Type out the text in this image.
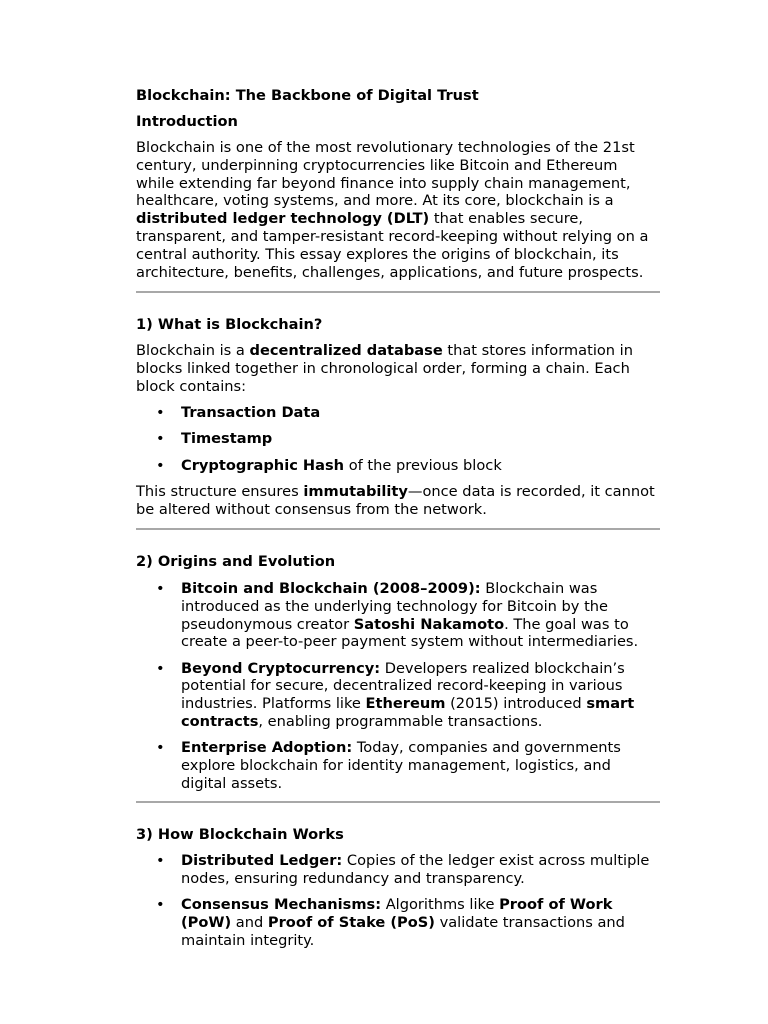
Blockchain: The Backbone of Digital Trust

Introduction

Blockchain is one of the most revolutionary technologies of the 21st century, underpinning cryptocurrencies like Bitcoin and Ethereum while extending far beyond finance into supply chain management, healthcare, voting systems, and more. At its core, blockchain is a distributed ledger technology (DLT) that enables secure, transparent, and tamper-resistant record-keeping without relying on a central authority. This essay explores the origins of blockchain, its architecture, benefits, challenges, applications, and future prospects.

1) What is Blockchain?

Blockchain is a decentralized database that stores information in blocks linked together in chronological order, forming a chain. Each block contains:

• Transaction Data
• Timestamp
• Cryptographic Hash of the previous block

This structure ensures immutability—once data is recorded, it cannot be altered without consensus from the network.

2) Origins and Evolution
• Bitcoin and Blockchain (2008–2009): Blockchain was introduced as the underlying technology for Bitcoin by the pseudonymous creator Satoshi Nakamoto. The goal was to create a peer-to-peer payment system without intermediaries.
• Beyond Cryptocurrency: Developers realized blockchain’s potential for secure, decentralized record-keeping in various industries. Platforms like Ethereum (2015) introduced smart contracts, enabling programmable transactions.
• Enterprise Adoption: Today, companies and governments explore blockchain for identity management, logistics, and digital assets.
3) How Blockchain Works
• Distributed Ledger: Copies of the ledger exist across multiple nodes, ensuring redundancy and transparency.
• Consensus Mechanisms: Algorithms like Proof of Work (PoW) and Proof of Stake (PoS) validate transactions and maintain integrity.
